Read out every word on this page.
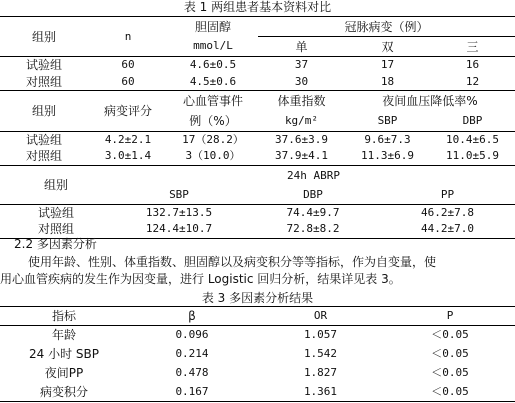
表 1 两组患者基本资料对比
组别	n	胆固醇	冠脉病变（例）		
		mmol/L	单	双	三
试验组	60	4.6±0.5	37	17	16
对照组	60	4.5±0.6	30	18	12
组别	病变评分	心血管事件	体重指数	夜间血压降低率%	
		例（%）	kg/m²	SBP	DBP
试验组	4.2±2.1	17（28.2）	37.6±3.9	9.6±7.3	10.4±6.5
对照组	3.0±1.4	3（10.0）	37.9±4.1	11.3±6.9	11.0±5.9
组别	24h ABRP		
	SBP	DBP	PP
试验组	132.7±13.5	74.4±9.7	46.2±7.8
对照组	124.4±10.7	72.8±8.2	44.2±7.0
2.2 多因素分析
使用年龄、性别、体重指数、胆固醇以及病变积分等等指标，作为自变量，使
用心血管疾病的发生作为因变量，进行 Logistic 回归分析，结果详见表 3。
表 3 多因素分析结果
指标	β	OR	P
年龄	0.096	1.057	＜0.05
24 小时 SBP	0.214	1.542	＜0.05
夜间PP	0.478	1.827	＜0.05
病变积分	0.167	1.361	＜0.05
